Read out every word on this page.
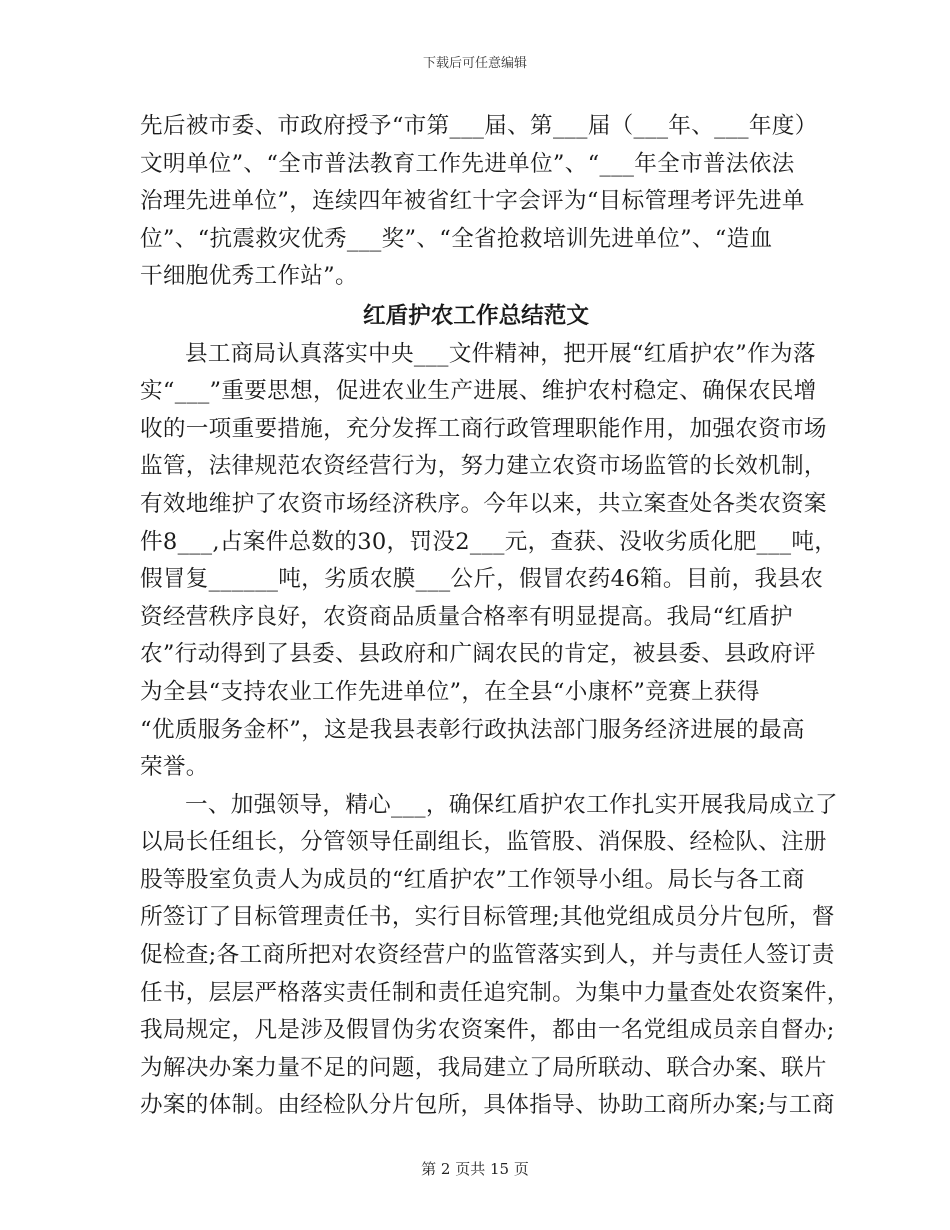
下载后可任意编辑
先后被市委、市政府授予“市第___届、第___届（___年、___年度）
文明单位”、“全市普法教育工作先进单位”、“___年全市普法依法
治理先进单位”，连续四年被省红十字会评为“目标管理考评先进单
位”、“抗震救灾优秀___奖”、“全省抢救培训先进单位”、“造血
干细胞优秀工作站”。
红盾护农工作总结范文
县工商局认真落实中央___文件精神，把开展“红盾护农”作为落
实“___”重要思想，促进农业生产进展、维护农村稳定、确保农民增
收的一项重要措施，充分发挥工商行政管理职能作用，加强农资市场
监管，法律规范农资经营行为，努力建立农资市场监管的长效机制，
有效地维护了农资市场经济秩序。今年以来，共立案查处各类农资案
件8___,占案件总数的30，罚没2___元，查获、没收劣质化肥___吨，
假冒复______吨，劣质农膜___公斤，假冒农药46箱。目前，我县农
资经营秩序良好，农资商品质量合格率有明显提高。我局“红盾护
农”行动得到了县委、县政府和广阔农民的肯定，被县委、县政府评
为全县“支持农业工作先进单位”，在全县“小康杯”竞赛上获得
“优质服务金杯”，这是我县表彰行政执法部门服务经济进展的最高
荣誉。
一、加强领导，精心___，确保红盾护农工作扎实开展我局成立了
以局长任组长，分管领导任副组长，监管股、消保股、经检队、注册
股等股室负责人为成员的“红盾护农”工作领导小组。局长与各工商
所签订了目标管理责任书，实行目标管理;其他党组成员分片包所，督
促检查;各工商所把对农资经营户的监管落实到人，并与责任人签订责
任书，层层严格落实责任制和责任追究制。为集中力量查处农资案件，
我局规定，凡是涉及假冒伪劣农资案件，都由一名党组成员亲自督办;
为解决办案力量不足的问题，我局建立了局所联动、联合办案、联片
办案的体制。由经检队分片包所，具体指导、协助工商所办案;与工商
第 2 页共 15 页
